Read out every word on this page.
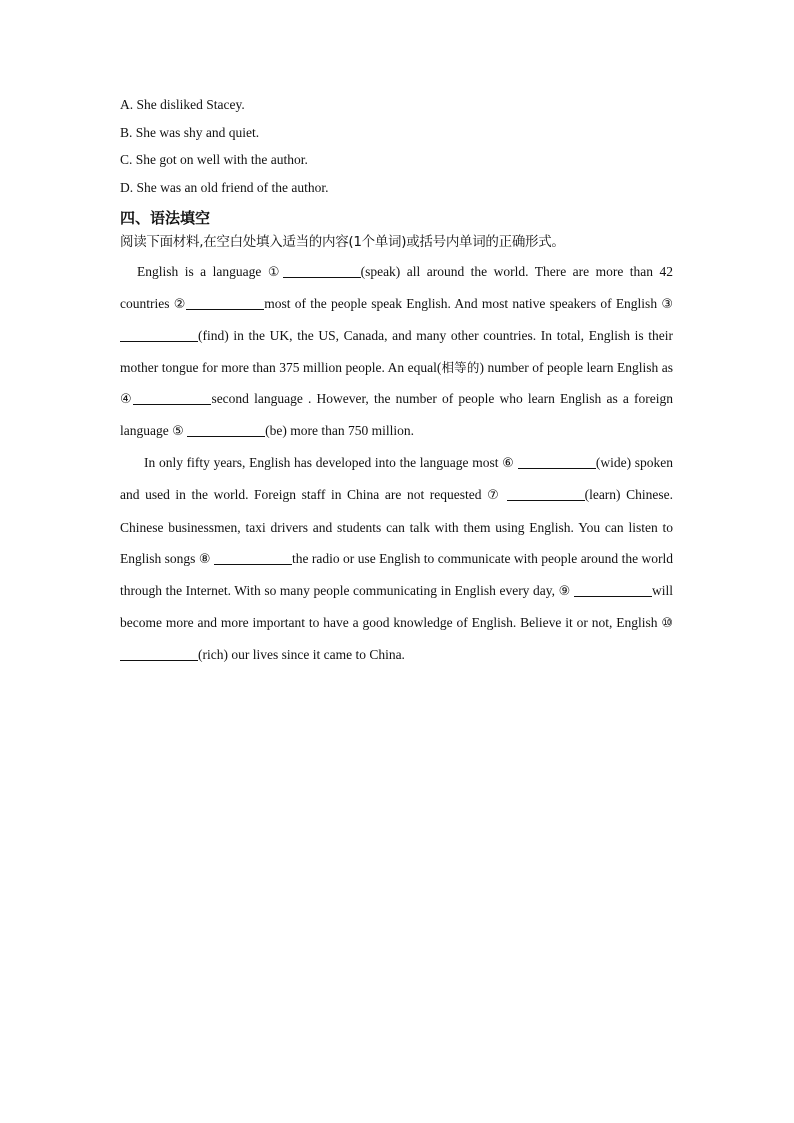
A. She disliked Stacey.
B. She was shy and quiet.
C. She got on well with the author.
D. She was an old friend of the author.
四、语法填空
阅读下面材料,在空白处填入适当的内容(1个单词)或括号内单词的正确形式。

English is a language ①	(speak) all around the world. There are more than 42 countries ②	most of the people speak English. And most native speakers of English ③(find) in the UK, the US, Canada, and many other countries. In total, English is their mother tongue for more than 375 million people. An equal(相等的) number of people learn English as ④	second language . However, the number of people who learn English as a foreign language ⑤	(be) more than 750 million.

In only fifty years, English has developed into the language most ⑥	(wide) spoken and used in the world. Foreign staff in China are not requested ⑦	(learn) Chinese. Chinese businessmen, taxi drivers and students can talk with them using English. You can listen to English songs ⑧	the radio or use English to communicate with people around the world through the Internet. With so many people communicating in English every day, ⑨	will become more and more important to have a good knowledge of English. Believe it or not, English ⑩(rich) our lives since it came to China.
